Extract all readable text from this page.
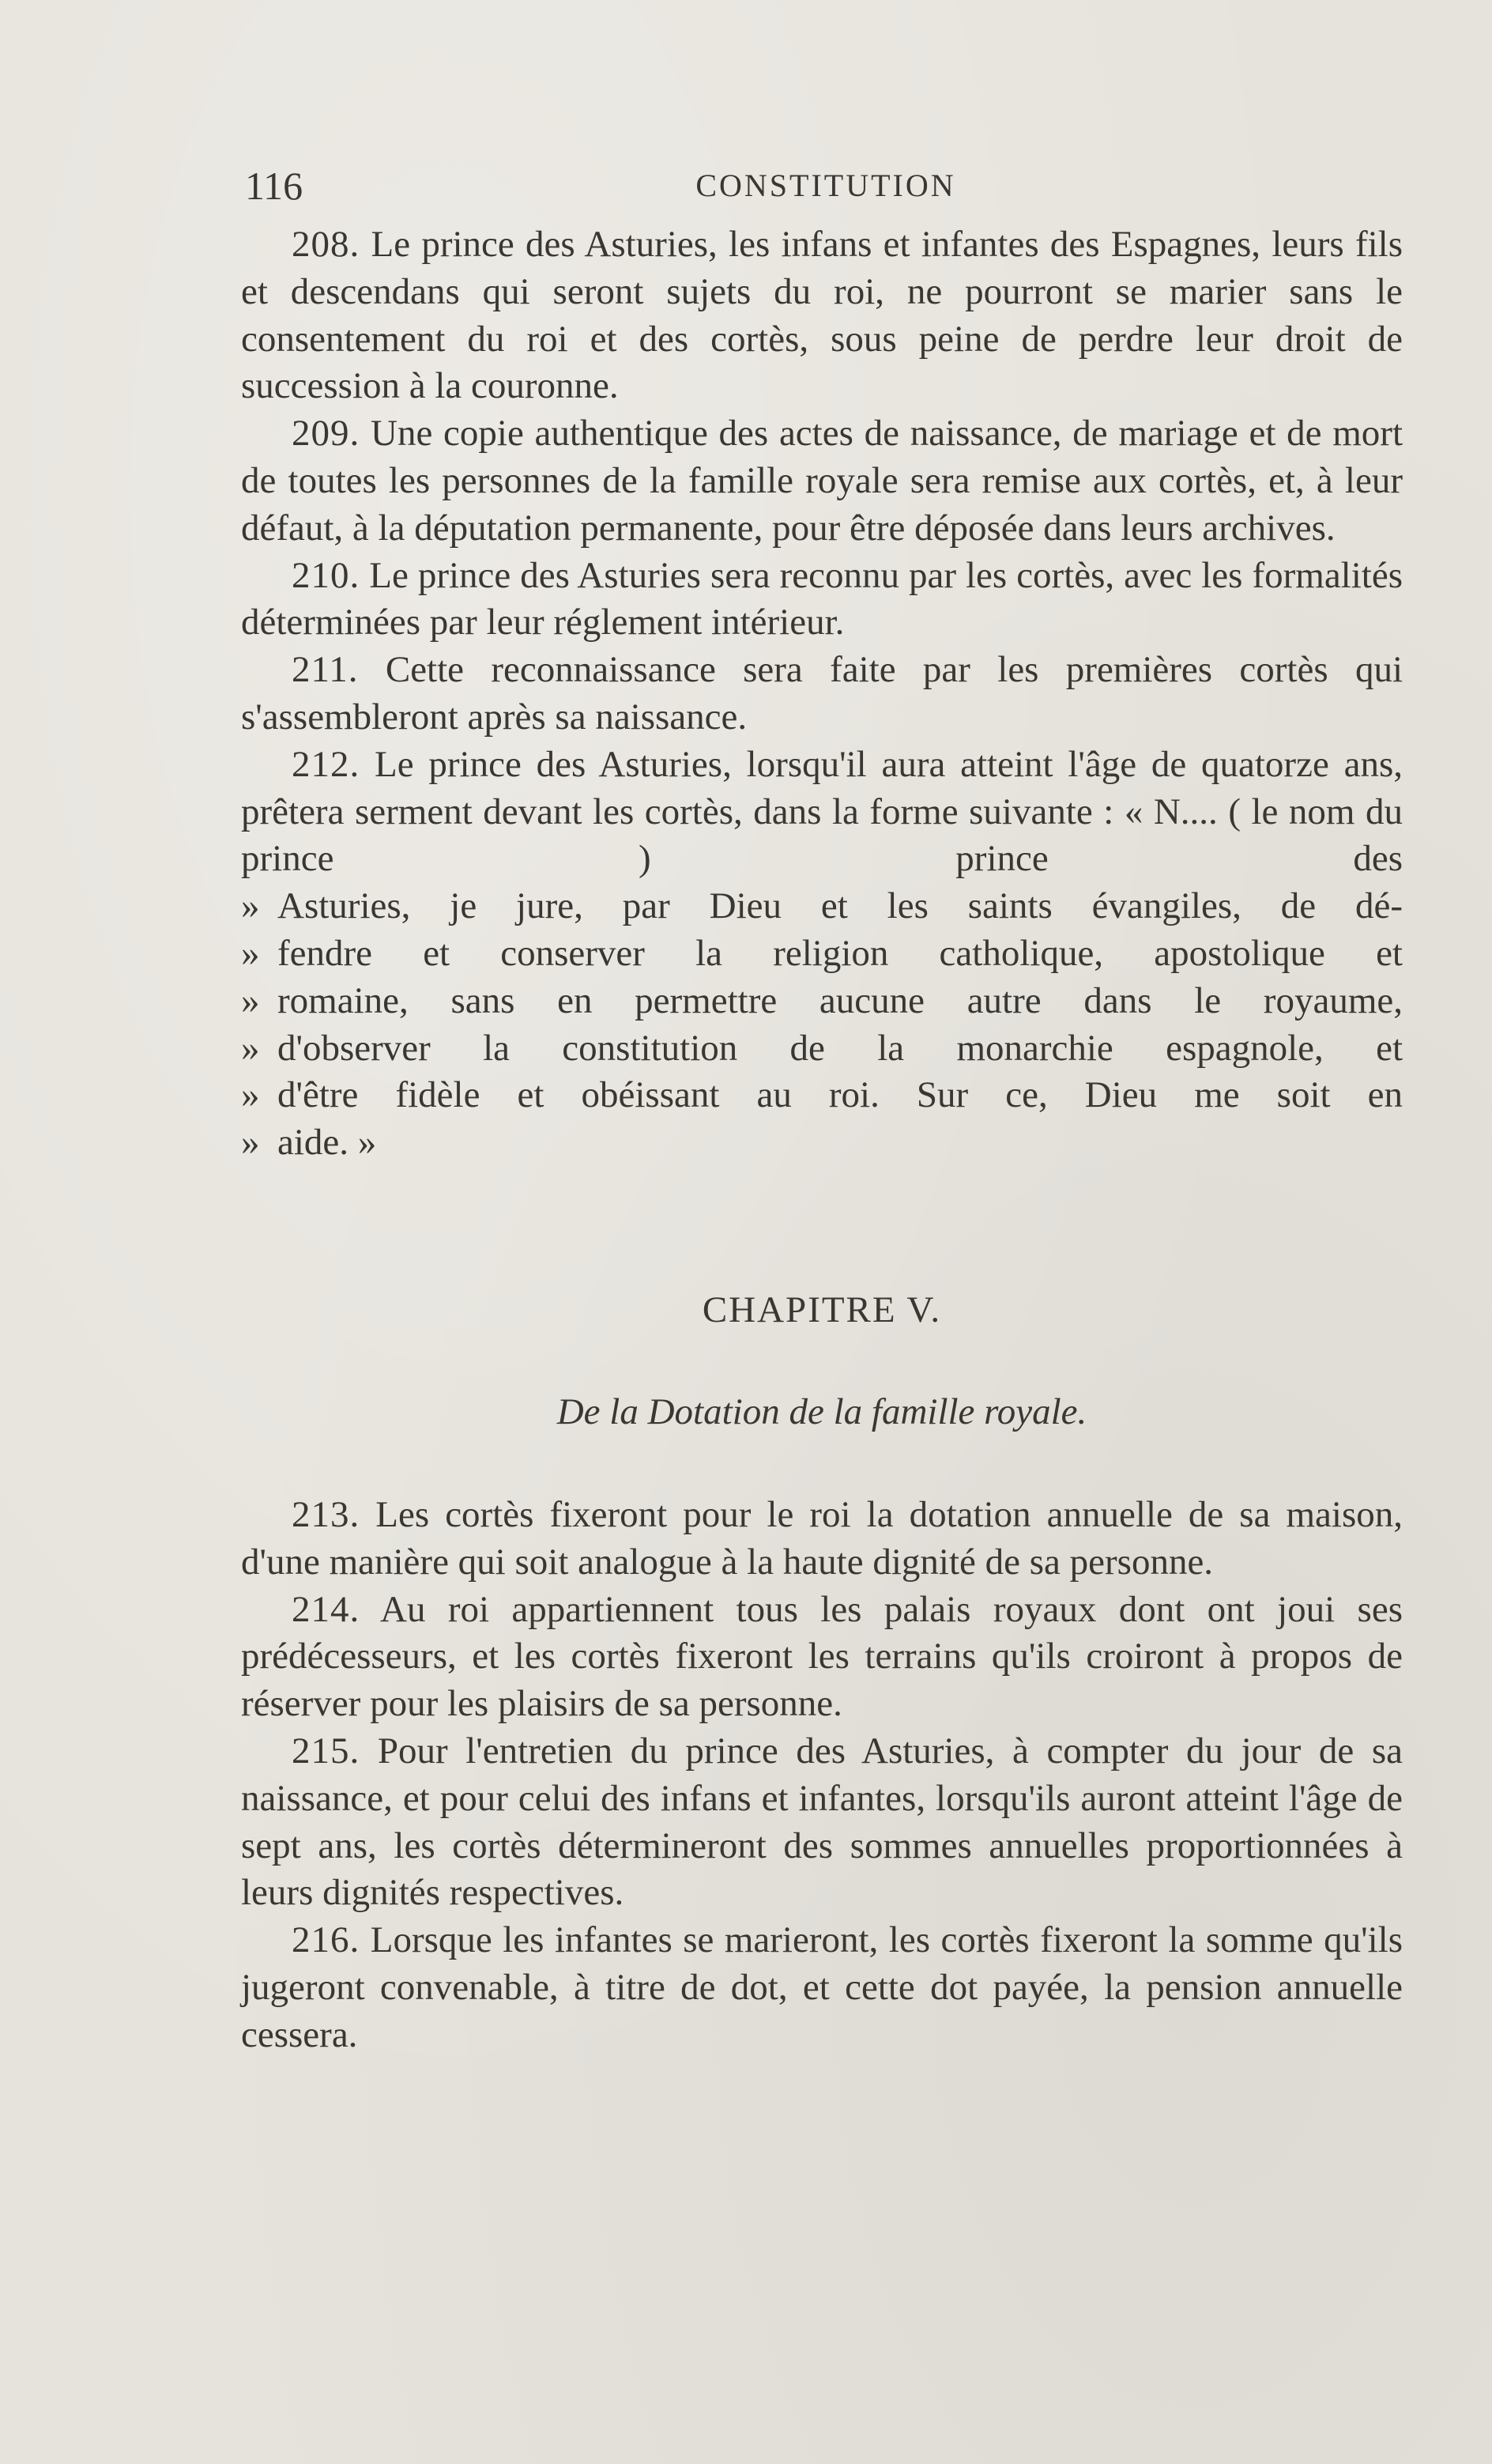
116	CONSTITUTION

208. Le prince des Asturies, les infans et infantes des Espagnes, leurs fils et descendans qui seront sujets du roi, ne pourront se marier sans le consentement du roi et des cortès, sous peine de perdre leur droit de succession à la couronne.

209. Une copie authentique des actes de naissance, de mariage et de mort de toutes les personnes de la famille royale sera remise aux cortès, et, à leur défaut, à la députation permanente, pour être déposée dans leurs archives.

210. Le prince des Asturies sera reconnu par les cortès, avec les formalités déterminées par leur réglement intérieur.

211. Cette reconnaissance sera faite par les premières cortès qui s'assembleront après sa naissance.

212. Le prince des Asturies, lorsqu'il aura atteint l'âge de quatorze ans, prêtera serment devant les cortès, dans la forme suivante : « N.... ( le nom du prince ) prince des

» Asturies, je jure, par Dieu et les saints évangiles, de dé-
» fendre et conserver la religion catholique, apostolique et
» romaine, sans en permettre aucune autre dans le royaume,
» d'observer la constitution de la monarchie espagnole, et
» d'être fidèle et obéissant au roi. Sur ce, Dieu me soit en
» aide. »
CHAPITRE V.
De la Dotation de la famille royale.

213. Les cortès fixeront pour le roi la dotation annuelle de sa maison, d'une manière qui soit analogue à la haute dignité de sa personne.

214. Au roi appartiennent tous les palais royaux dont ont joui ses prédécesseurs, et les cortès fixeront les terrains qu'ils croiront à propos de réserver pour les plaisirs de sa personne.

215. Pour l'entretien du prince des Asturies, à compter du jour de sa naissance, et pour celui des infans et infantes, lorsqu'ils auront atteint l'âge de sept ans, les cortès détermineront des sommes annuelles proportionnées à leurs dignités respectives.

216. Lorsque les infantes se marieront, les cortès fixeront la somme qu'ils jugeront convenable, à titre de dot, et cette dot payée, la pension annuelle cessera.
